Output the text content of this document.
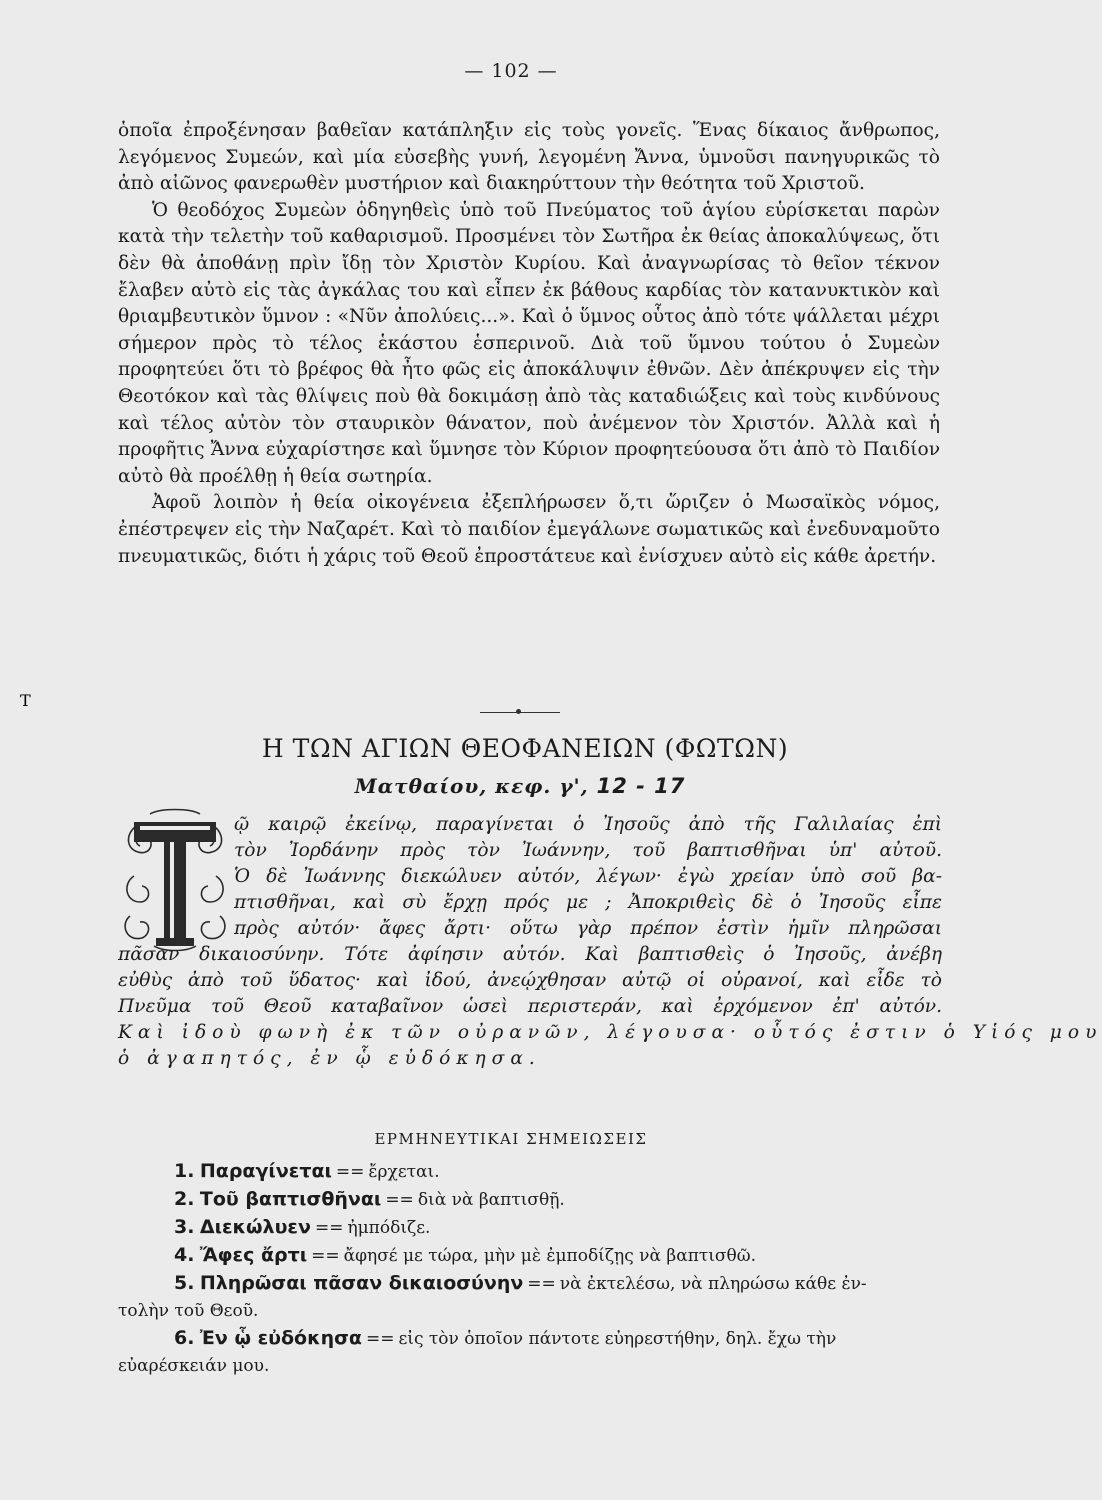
— 102 —

ὁποῖα ἐπροξένησαν βαθεῖαν κατάπληξιν εἰς τοὺς γονεῖς. Ἕνας δίκαιος ἄνθρωπος, λεγόμενος Συμεών, καὶ μία εὐσεβὴς γυνή, λεγομένη Ἄννα, ὑμνοῦσι πανηγυρικῶς τὸ ἀπὸ αἰῶνος φανερωθὲν μυστήριον καὶ διακηρύττουν τὴν θεότητα τοῦ Χριστοῦ.

Ὁ θεοδόχος Συμεὼν ὁδηγηθεὶς ὑπὸ τοῦ Πνεύματος τοῦ ἁγίου εὑρίσκεται παρὼν κατὰ τὴν τελετὴν τοῦ καθαρισμοῦ. Προσμένει τὸν Σωτῆρα ἐκ θείας ἀποκαλύψεως, ὅτι δὲν θὰ ἀποθάνῃ πρὶν ἴδῃ τὸν Χριστὸν Κυρίου. Καὶ ἀναγνωρίσας τὸ θεῖον τέκνον ἔλαβεν αὐτὸ εἰς τὰς ἀγκάλας του καὶ εἶπεν ἐκ βάθους καρδίας τὸν κατανυκτικὸν καὶ θριαμβευτικὸν ὕμνον : «Νῦν ἀπολύεις...». Καὶ ὁ ὕμνος οὗτος ἀπὸ τότε ψάλλεται μέχρι σήμερον πρὸς τὸ τέλος ἑκάστου ἑσπερινοῦ. Διὰ τοῦ ὕμνου τούτου ὁ Συμεὼν προφητεύει ὅτι τὸ βρέφος θὰ ἦτο φῶς εἰς ἀποκάλυψιν ἐθνῶν. Δὲν ἀπέκρυψεν εἰς τὴν Θεοτόκον καὶ τὰς θλίψεις ποὺ θὰ δοκιμάσῃ ἀπὸ τὰς καταδιώξεις καὶ τοὺς κινδύνους καὶ τέλος αὐτὸν τὸν σταυρικὸν θάνατον, ποὺ ἀνέμενον τὸν Χριστόν. Ἀλλὰ καὶ ἡ προφῆτις Ἄννα εὐχαρίστησε καὶ ὕμνησε τὸν Κύριον προφητεύουσα ὅτι ἀπὸ τὸ Παιδίον αὐτὸ θὰ προέλθῃ ἡ θεία σωτηρία.

Ἀφοῦ λοιπὸν ἡ θεία οἰκογένεια ἐξεπλήρωσεν ὅ,τι ὥριζεν ὁ Μωσαϊκὸς νόμος, ἐπέστρεψεν εἰς τὴν Ναζαρέτ. Καὶ τὸ παιδίον ἐμεγάλωνε σωματικῶς καὶ ἐνεδυναμοῦτο πνευματικῶς, διότι ἡ χάρις τοῦ Θεοῦ ἐπροστάτευε καὶ ἐνίσχυεν αὐτὸ εἰς κάθε ἀρετήν.

Η ΤΩΝ ΑΓΙΩΝ ΘΕΟΦΑΝΕΙΩΝ (ΦΩΤΩΝ)
Ματθαίου, κεφ. γ', 12 - 17
Τ
ῷ καιρῷ ἐκείνῳ, παραγίνεται ὁ Ἰησοῦς ἀπὸ τῆς Γαλιλαίας ἐπὶ
τὸν Ἰορδάνην πρὸς τὸν Ἰωάννην, τοῦ βαπτισθῆναι ὑπ' αὐτοῦ.
Ὁ δὲ Ἰωάννης διεκώλυεν αὐτόν, λέγων· ἐγὼ χρείαν ὑπὸ σοῦ βα-
πτισθῆναι, καὶ σὺ ἔρχῃ πρός με ; Ἀποκριθεὶς δὲ ὁ Ἰησοῦς εἶπε
πρὸς αὐτόν· ἄφες ἄρτι· οὕτω γὰρ πρέπον ἐστὶν ἡμῖν πληρῶσαι
πᾶσαν δικαιοσύνην. Τότε ἀφίησιν αὐτόν. Καὶ βαπτισθεὶς ὁ Ἰησοῦς, ἀνέβη
εὐθὺς ἀπὸ τοῦ ὕδατος· καὶ ἰδού, ἀνεῴχθησαν αὐτῷ οἱ οὐρανοί, καὶ εἶδε τὸ
Πνεῦμα τοῦ Θεοῦ καταβαῖνον ὡσεὶ περιστεράν, καὶ ἐρχόμενον ἐπ' αὐτόν.
Καὶ ἰδοὺ φωνὴ ἐκ τῶν οὐρανῶν, λέγουσα· οὗτός ἐστιν ὁ Υἱός μου
ὁ ἀγαπητός, ἐν ᾧ εὐδόκησα.
ΕΡΜΗΝΕΥΤΙΚΑΙ ΣΗΜΕΙΩΣΕΙΣ
1. Παραγίνεται == ἔρχεται.
2. Τοῦ βαπτισθῆναι == διὰ νὰ βαπτισθῇ.
3. Διεκώλυεν == ἠμπόδιζε.
4. Ἄφες ἄρτι == ἄφησέ με τώρα, μὴν μὲ ἐμποδίζῃς νὰ βαπτισθῶ.
5. Πληρῶσαι πᾶσαν δικαιοσύνην == νὰ ἐκτελέσω, νὰ πληρώσω κάθε ἐν-
τολὴν τοῦ Θεοῦ.
6. Ἐν ᾧ εὐδόκησα == εἰς τὸν ὁποῖον πάντοτε εὐηρεστήθην, δηλ. ἔχω τὴν
εὐαρέσκειάν μου.
